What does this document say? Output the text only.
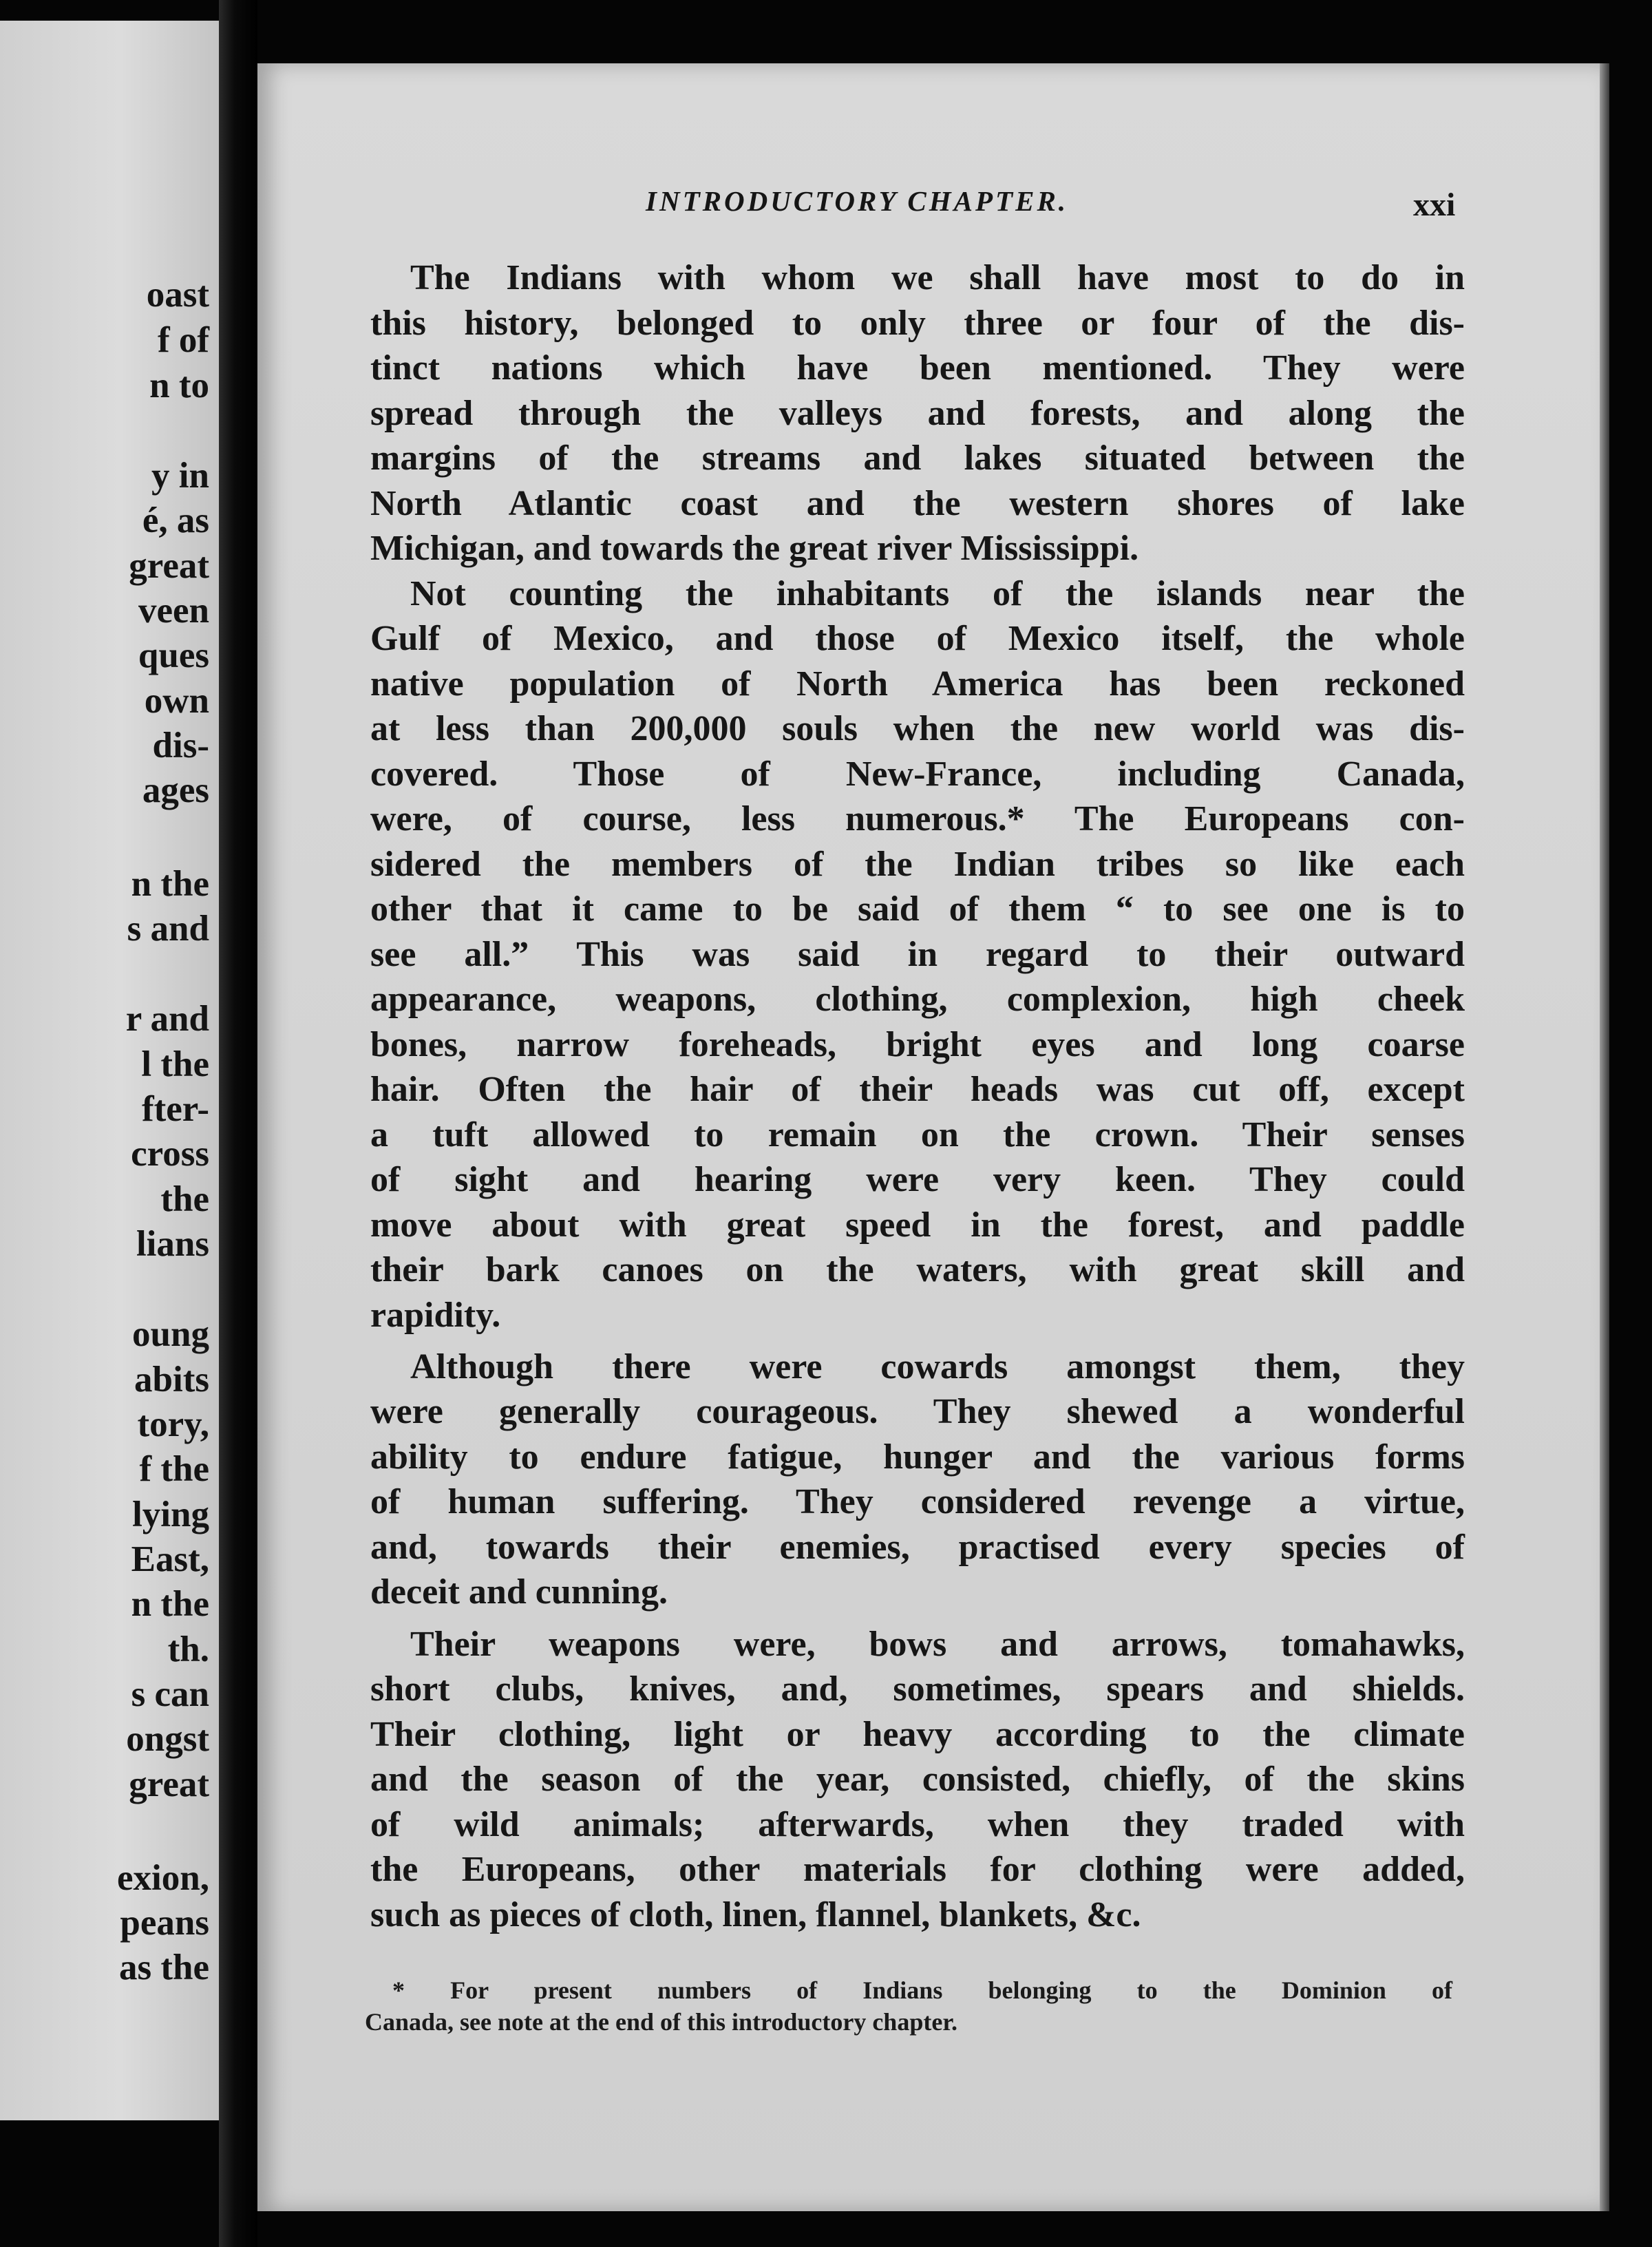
oast
f of
n to
y in
é, as
great
veen
ques
own
dis-
ages
n the
s and
r and
l the
fter-
cross
the
lians
oung
abits
tory,
f the
lying
East,
n the
th.
s can
ongst
great
exion,
peans
as the
INTRODUCTORY CHAPTER.	xxi
The Indians with whom we shall have most to do in
this history, belonged to only three or four of the dis-
tinct nations which have been mentioned. They were
spread through the valleys and forests, and along the
margins of the streams and lakes situated between the
North Atlantic coast and the western shores of lake
Michigan, and towards the great river Mississippi.
Not counting the inhabitants of the islands near the
Gulf of Mexico, and those of Mexico itself, the whole
native population of North America has been reckoned
at less than 200,000 souls when the new world was dis-
covered. Those of New-France, including Canada,
were, of course, less numerous.* The Europeans con-
sidered the members of the Indian tribes so like each
other that it came to be said of them “ to see one is to
see all.” This was said in regard to their outward
appearance, weapons, clothing, complexion, high cheek
bones, narrow foreheads, bright eyes and long coarse
hair. Often the hair of their heads was cut off, except
a tuft allowed to remain on the crown. Their senses
of sight and hearing were very keen. They could
move about with great speed in the forest, and paddle
their bark canoes on the waters, with great skill and
rapidity.
Although there were cowards amongst them, they
were generally courageous. They shewed a wonderful
ability to endure fatigue, hunger and the various forms
of human suffering. They considered revenge a virtue,
and, towards their enemies, practised every species of
deceit and cunning.
Their weapons were, bows and arrows, tomahawks,
short clubs, knives, and, sometimes, spears and shields.
Their clothing, light or heavy according to the climate
and the season of the year, consisted, chiefly, of the skins
of wild animals; afterwards, when they traded with
the Europeans, other materials for clothing were added,
such as pieces of cloth, linen, flannel, blankets, &c.
* For present numbers of Indians belonging to the Dominion of
Canada, see note at the end of this introductory chapter.
